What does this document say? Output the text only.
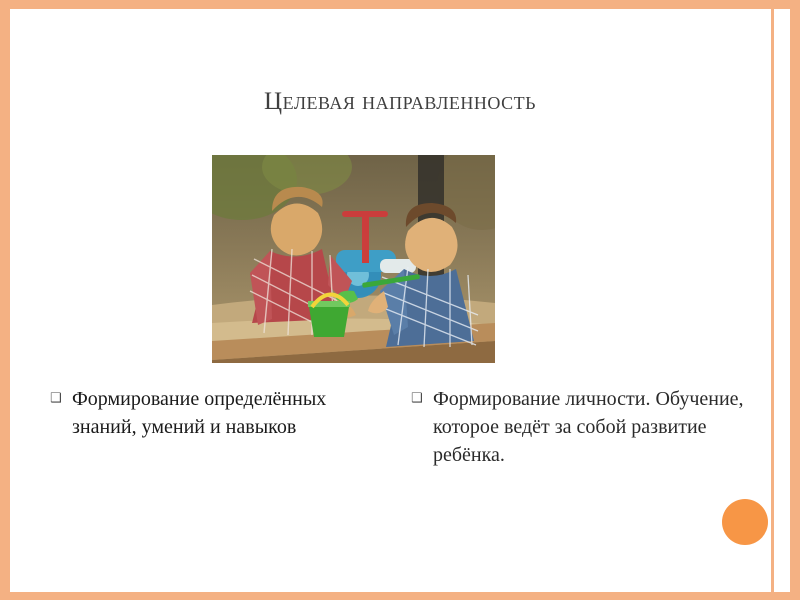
Целевая направленность
❑ Формирование определённых знаний, умений и навыков
❑ Формирование личности. Обучение, которое ведёт за собой развитие ребёнка.
